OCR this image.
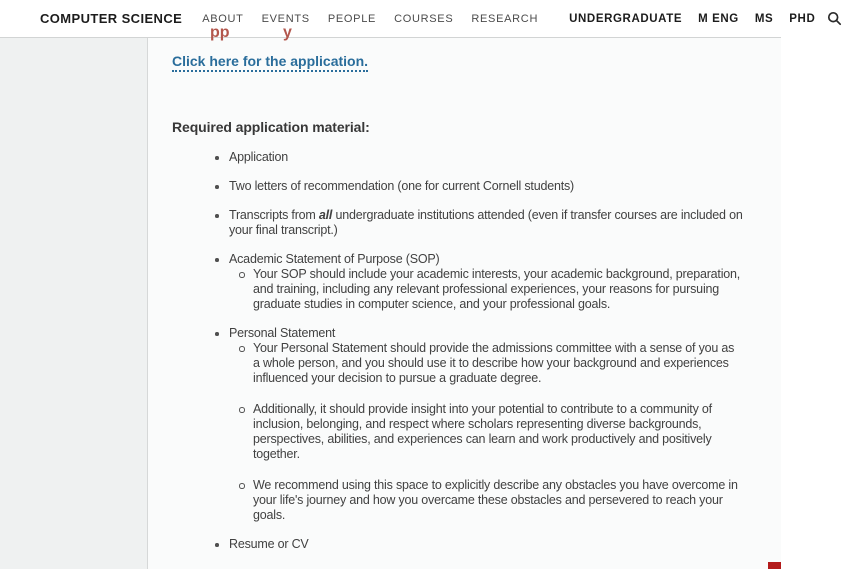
COMPUTER SCIENCE ABOUT EVENTS PEOPLE COURSES RESEARCH	UNDERGRADUATE M ENG MS PHD
pp	y
Click here for the application.
Required application material:
Application
Two letters of recommendation (one for current Cornell students)
Transcripts from all undergraduate institutions attended (even if transfer courses are included on your final transcript.)
Academic Statement of Purpose (SOP)
Your SOP should include your academic interests, your academic background, preparation, and training, including any relevant professional experiences, your reasons for pursuing graduate studies in computer science, and your professional goals.
Personal Statement
Your Personal Statement should provide the admissions committee with a sense of you as a whole person, and you should use it to describe how your background and experiences influenced your decision to pursue a graduate degree.
Additionally, it should provide insight into your potential to contribute to a community of inclusion, belonging, and respect where scholars representing diverse backgrounds, perspectives, abilities, and experiences can learn and work productively and positively together.
We recommend using this space to explicitly describe any obstacles you have overcome in your life's journey and how you overcame these obstacles and persevered to reach your goals.
Resume or CV
